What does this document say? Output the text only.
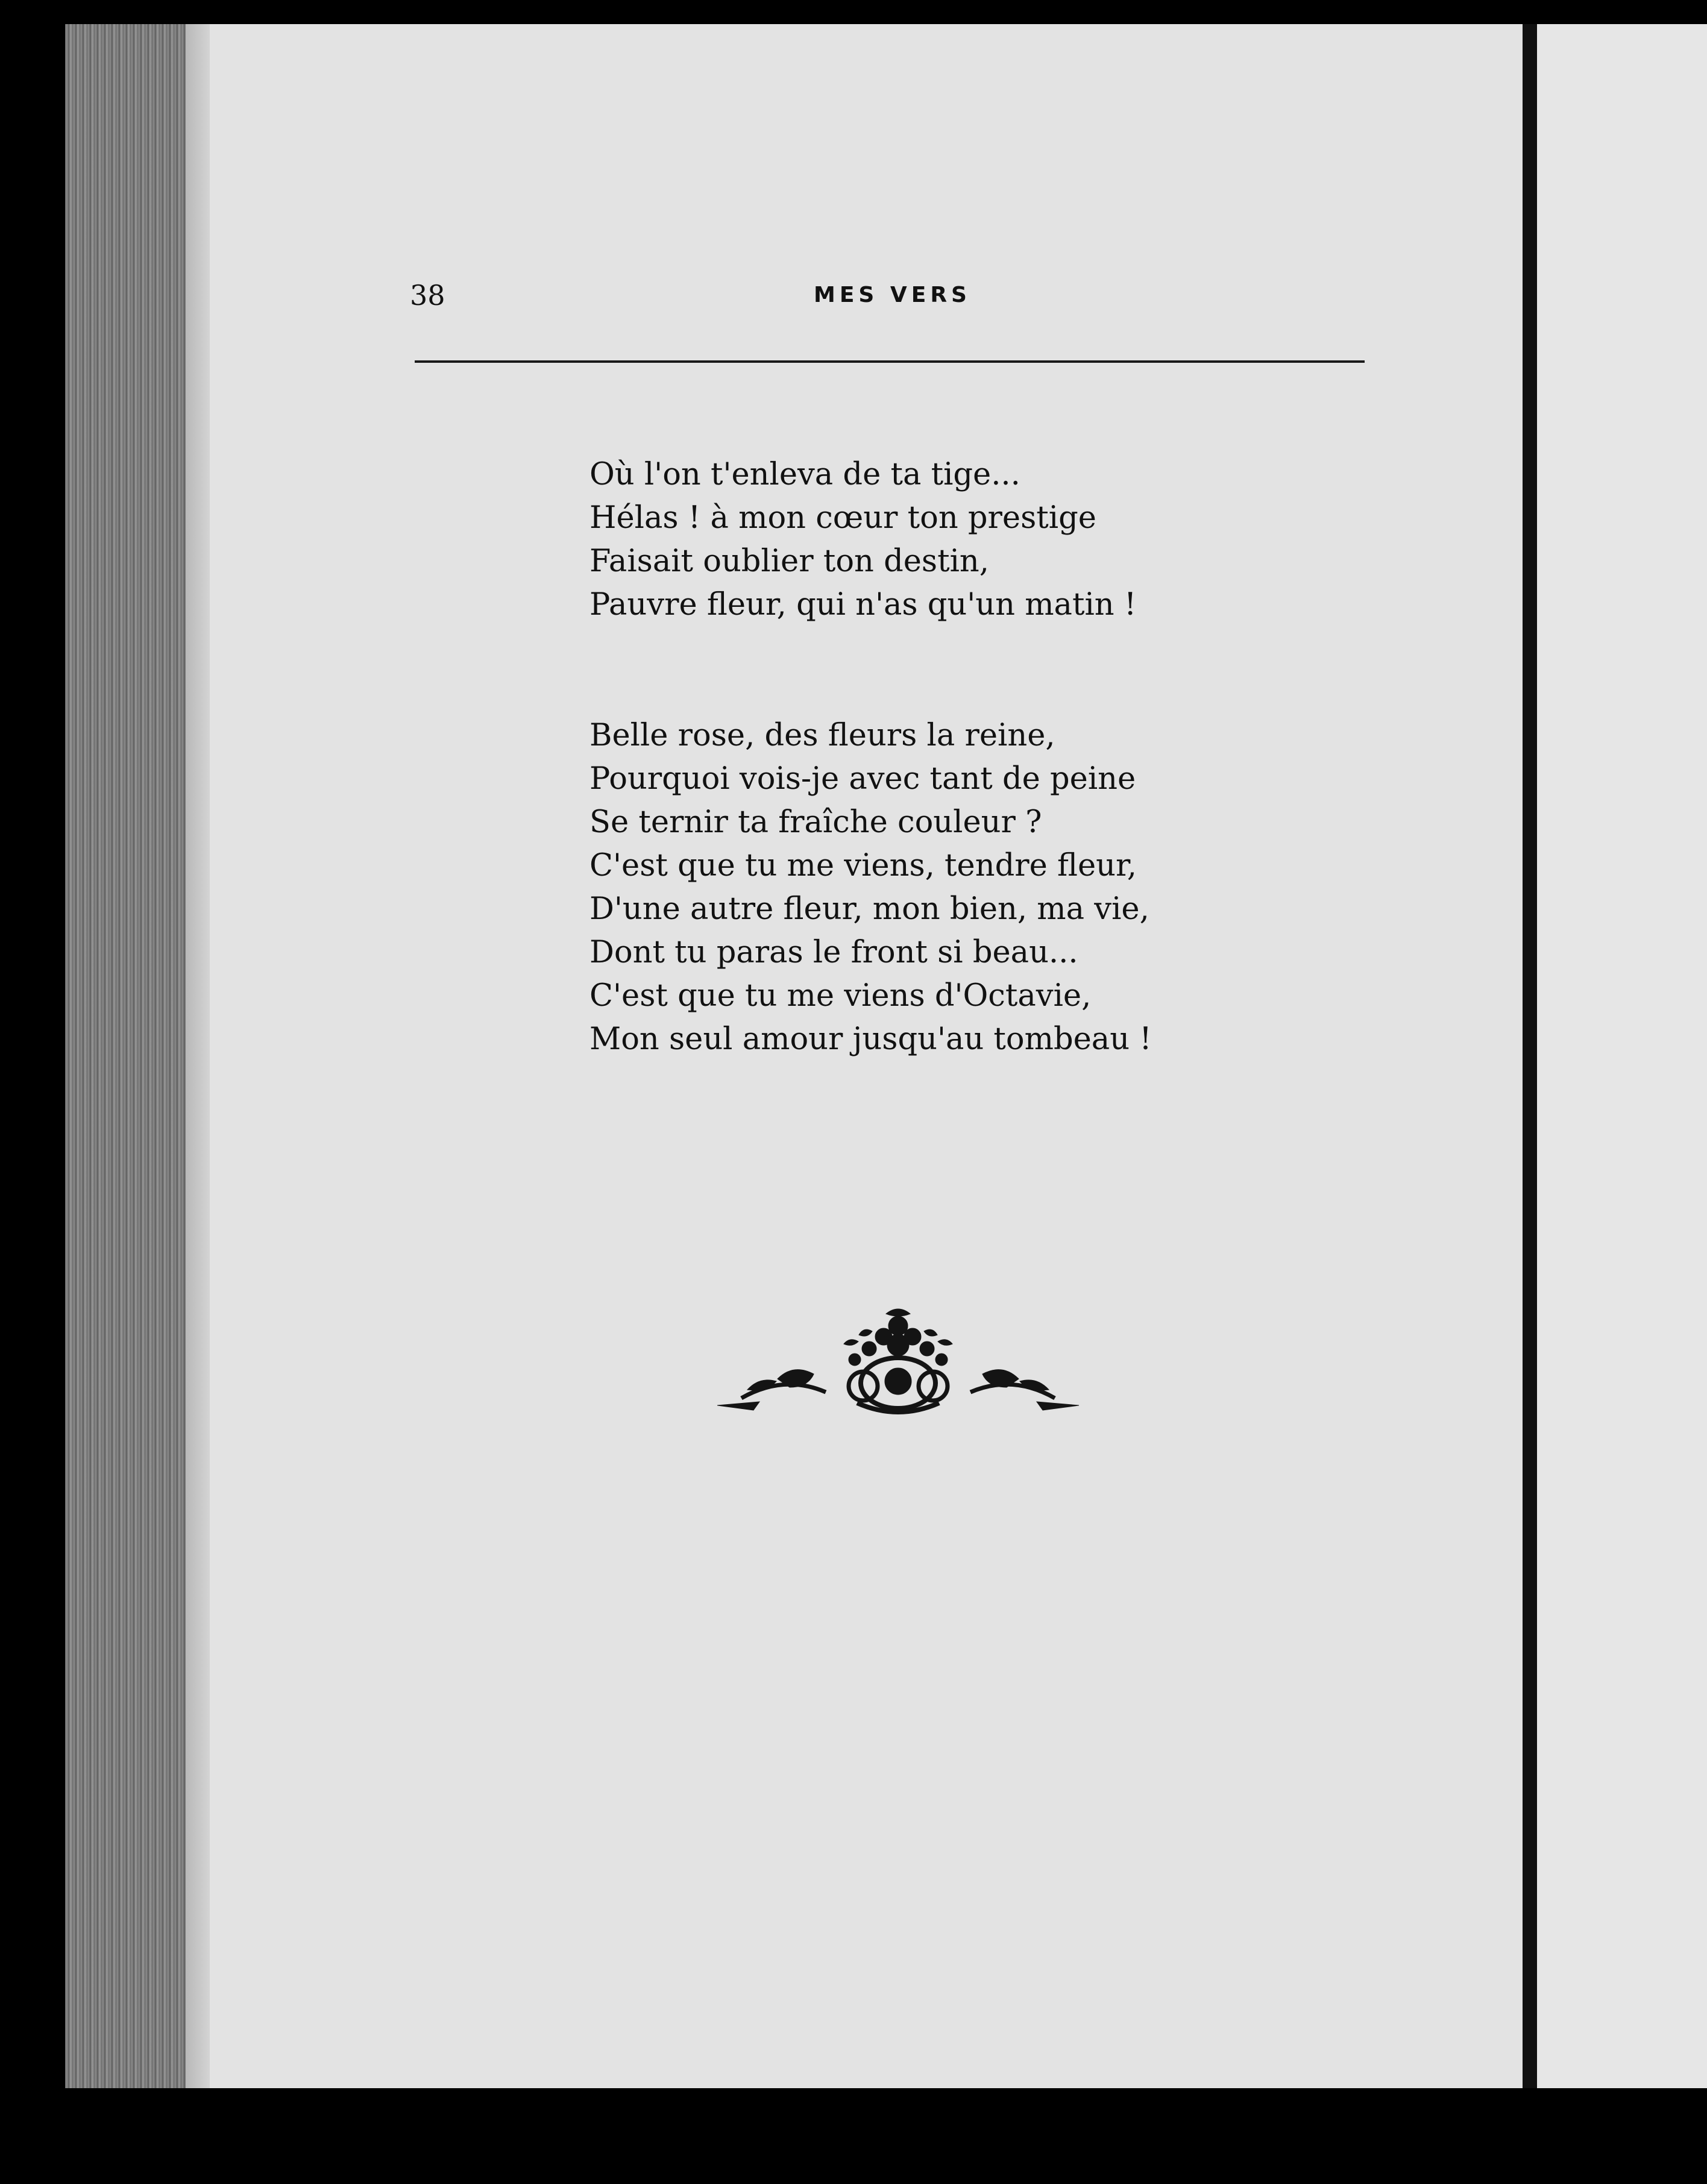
38	MES VERS

Où l'on t'enleva de ta tige...
Hélas ! à mon cœur ton prestige
Faisait oublier ton destin,
Pauvre fleur, qui n'as qu'un matin !

Belle rose, des fleurs la reine,
Pourquoi vois-je avec tant de peine
Se ternir ta fraîche couleur ?
C'est que tu me viens, tendre fleur,
D'une autre fleur, mon bien, ma vie,
Dont tu paras le front si beau...
C'est que tu me viens d'Octavie,
Mon seul amour jusqu'au tombeau !
